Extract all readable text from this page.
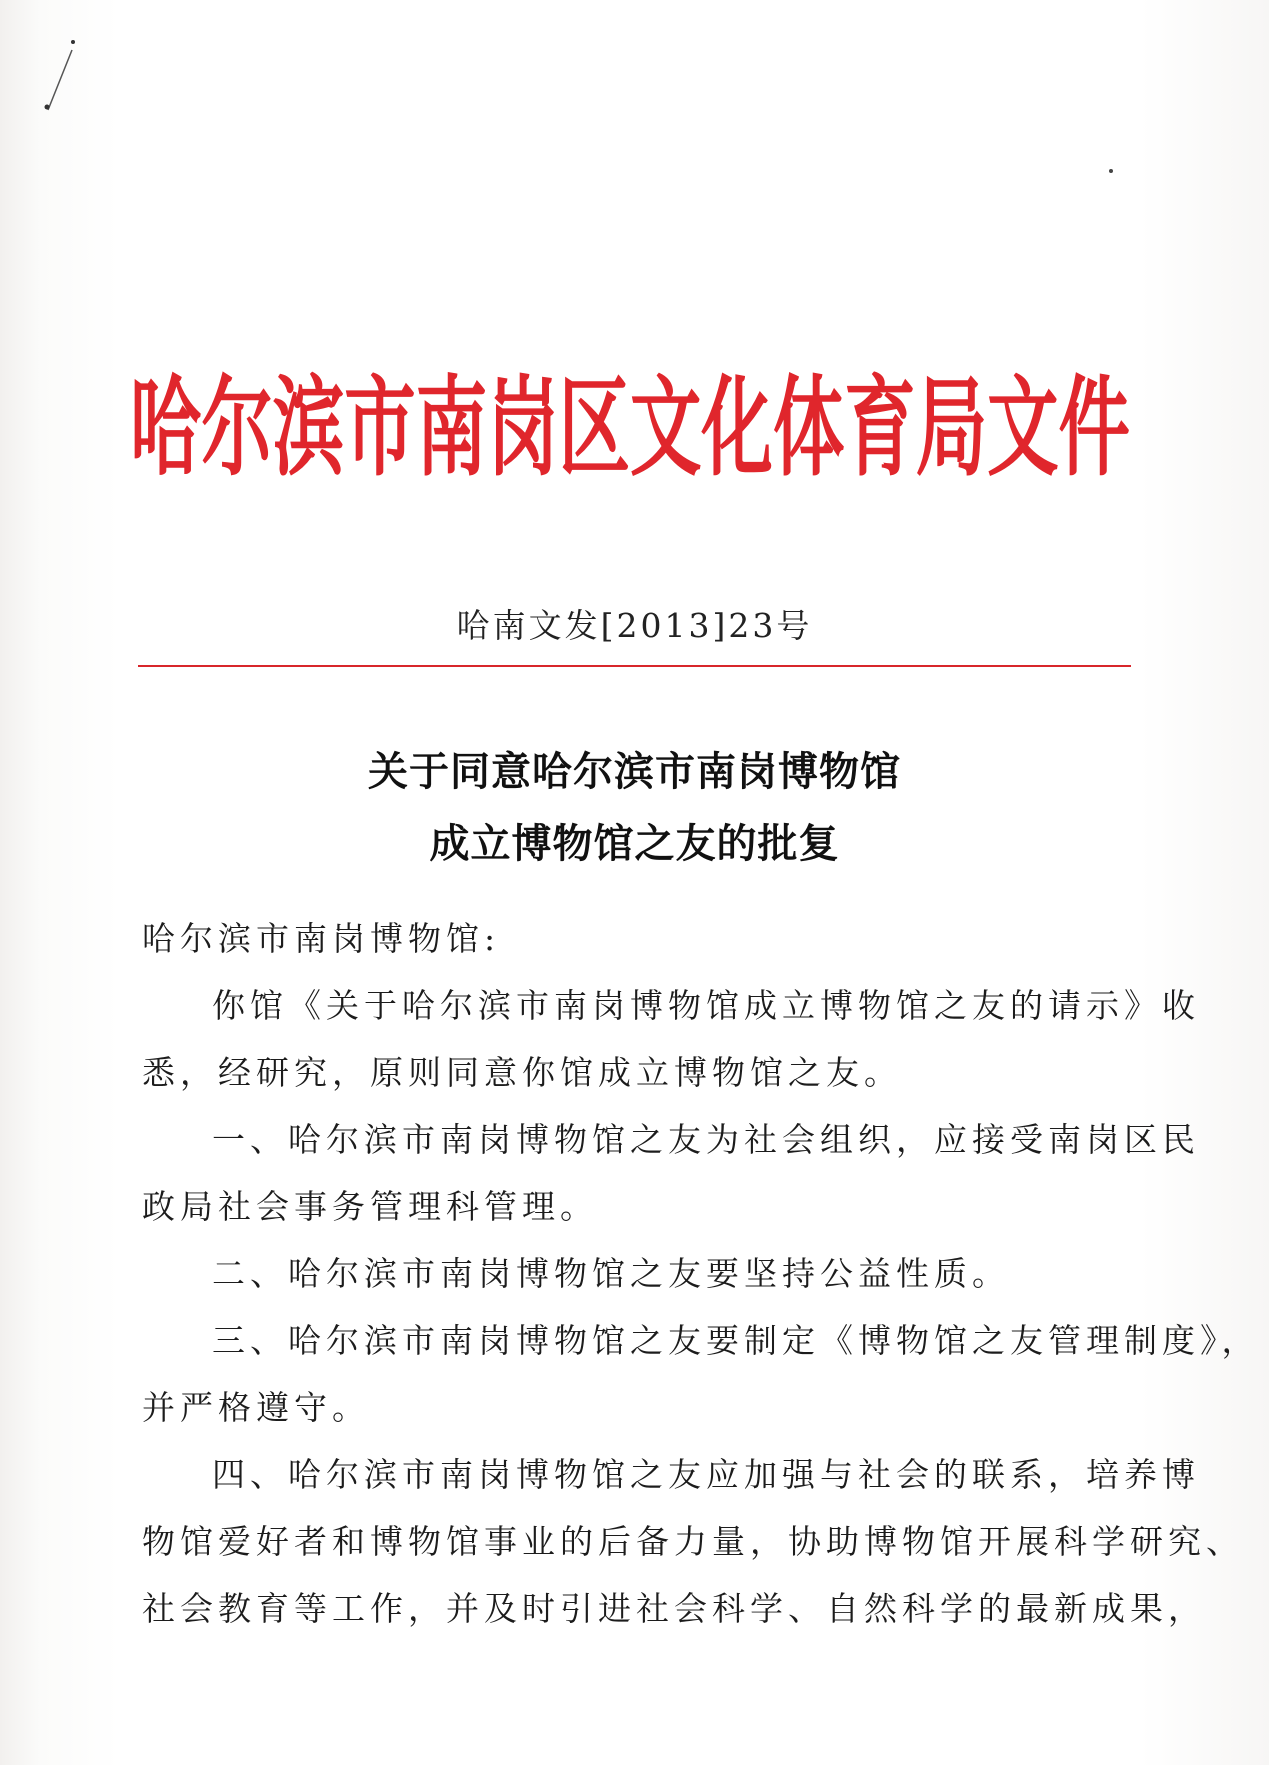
哈尔滨市南岗区文化体育局文件
哈南文发[2013]23号
关于同意哈尔滨市南岗博物馆
成立博物馆之友的批复

哈尔滨市南岗博物馆:

你馆《关于哈尔滨市南岗博物馆成立博物馆之友的请示》收

悉，经研究，原则同意你馆成立博物馆之友。

一、哈尔滨市南岗博物馆之友为社会组织，应接受南岗区民

政局社会事务管理科管理。

二、哈尔滨市南岗博物馆之友要坚持公益性质。

三、哈尔滨市南岗博物馆之友要制定《博物馆之友管理制度》，

并严格遵守。

四、哈尔滨市南岗博物馆之友应加强与社会的联系，培养博

物馆爱好者和博物馆事业的后备力量，协助博物馆开展科学研究、

社会教育等工作，并及时引进社会科学、自然科学的最新成果，
